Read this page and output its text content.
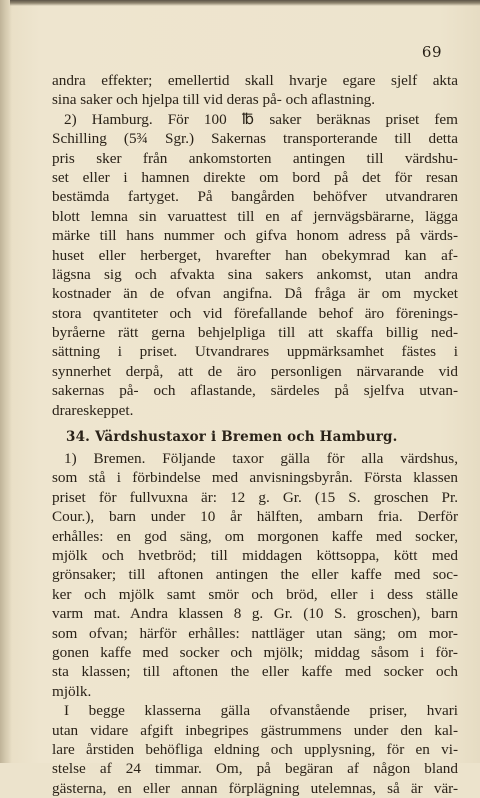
69
andra effekter; emellertid skall hvarje egare sjelf akta
sina saker och hjelpa till vid deras på- och aflastning.
2) Hamburg. För 100 ℔ saker beräknas priset fem
Schilling (5¾ Sgr.) Sakernas transporterande till detta
pris sker från ankomstorten antingen till värdshu-
set eller i hamnen direkte om bord på det för resan
bestämda fartyget. På bangården behöfver utvandraren
blott lemna sin varuattest till en af jernvägsbärarne, lägga
märke till hans nummer och gifva honom adress på värds-
huset eller herberget, hvarefter han obekymrad kan af-
lägsna sig och afvakta sina sakers ankomst, utan andra
kostnader än de ofvan angifna. Då fråga är om mycket
stora qvantiteter och vid förefallande behof äro förenings-
byråerne rätt gerna behjelpliga till att skaffa billig ned-
sättning i priset. Utvandrares uppmärksamhet fästes i
synnerhet derpå, att de äro personligen närvarande vid
sakernas på- och aflastande, särdeles på sjelfva utvan-
drareskeppet.
34. Värdshustaxor i Bremen och Hamburg.
1) Bremen. Följande taxor gälla för alla värdshus,
som stå i förbindelse med anvisningsbyrån. Första klassen
priset för fullvuxna är: 12 g. Gr. (15 S. groschen Pr.
Cour.), barn under 10 år hälften, ambarn fria. Derför
erhålles: en god säng, om morgonen kaffe med socker,
mjölk och hvetbröd; till middagen köttsoppa, kött med
grönsaker; till aftonen antingen the eller kaffe med soc-
ker och mjölk samt smör och bröd, eller i dess ställe
varm mat. Andra klassen 8 g. Gr. (10 S. groschen), barn
som ofvan; härför erhålles: nattläger utan säng; om mor-
gonen kaffe med socker och mjölk; middag såsom i för-
sta klassen; till aftonen the eller kaffe med socker och
mjölk.
I begge klasserna gälla ofvanstående priser, hvari
utan vidare afgift inbegripes gästrummens under den kal-
lare årstiden behöfliga eldning och upplysning, för en vi-
stelse af 24 timmar. Om, på begäran af någon bland
gästerna, en eller annan förplägning utelemnas, så är vär-
